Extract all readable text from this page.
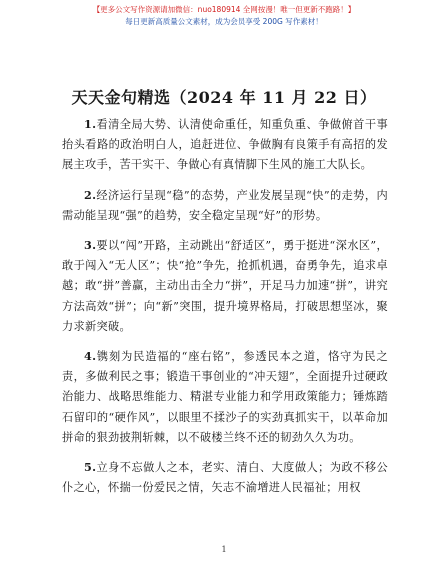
【更多公文写作资源请加微信：nuo180914 全网按漫！唯一但更新不跑路！】
每日更新高质量公文素材，成为会员享受 200G 写作素材！
天天金句精选（2024 年 11 月 22 日）

1.看清全局大势、认清使命重任，知重负重、争做俯首干事抬头看路的政治明白人，追赶进位、争做胸有良策手有高招的发展主攻手，苦干实干、争做心有真情脚下生风的施工大队长。

2.经济运行呈现“稳”的态势，产业发展呈现“快”的走势，内需动能呈现“强”的趋势，安全稳定呈现“好”的形势。

3.要以“闯”开路，主动跳出“舒适区”，勇于挺进“深水区”，敢于闯入“无人区”；快“抢”争先，抢抓机遇，奋勇争先，追求卓越；敢“拼”善赢，主动出击全力“拼”，开足马力加速“拼”，讲究方法高效“拼”；向“新”突围，提升境界格局，打破思想坚冰，聚力求新突破。

4.镌刻为民造福的“座右铭”，参透民本之道，恪守为民之责，多做利民之事；锻造干事创业的“冲天翅”，全面提升过硬政治能力、战略思维能力、精湛专业能力和学用政策能力；锤炼踏石留印的“硬作风”，以眼里不揉沙子的实劲真抓实干，以革命加拼命的狠劲披荆斩棘，以不破楼兰终不还的韧劲久久为功。

5.立身不忘做人之本，老实、清白、大度做人；为政不移公仆之心，怀揣一份爱民之情，矢志不渝增进人民福祉；用权

1
